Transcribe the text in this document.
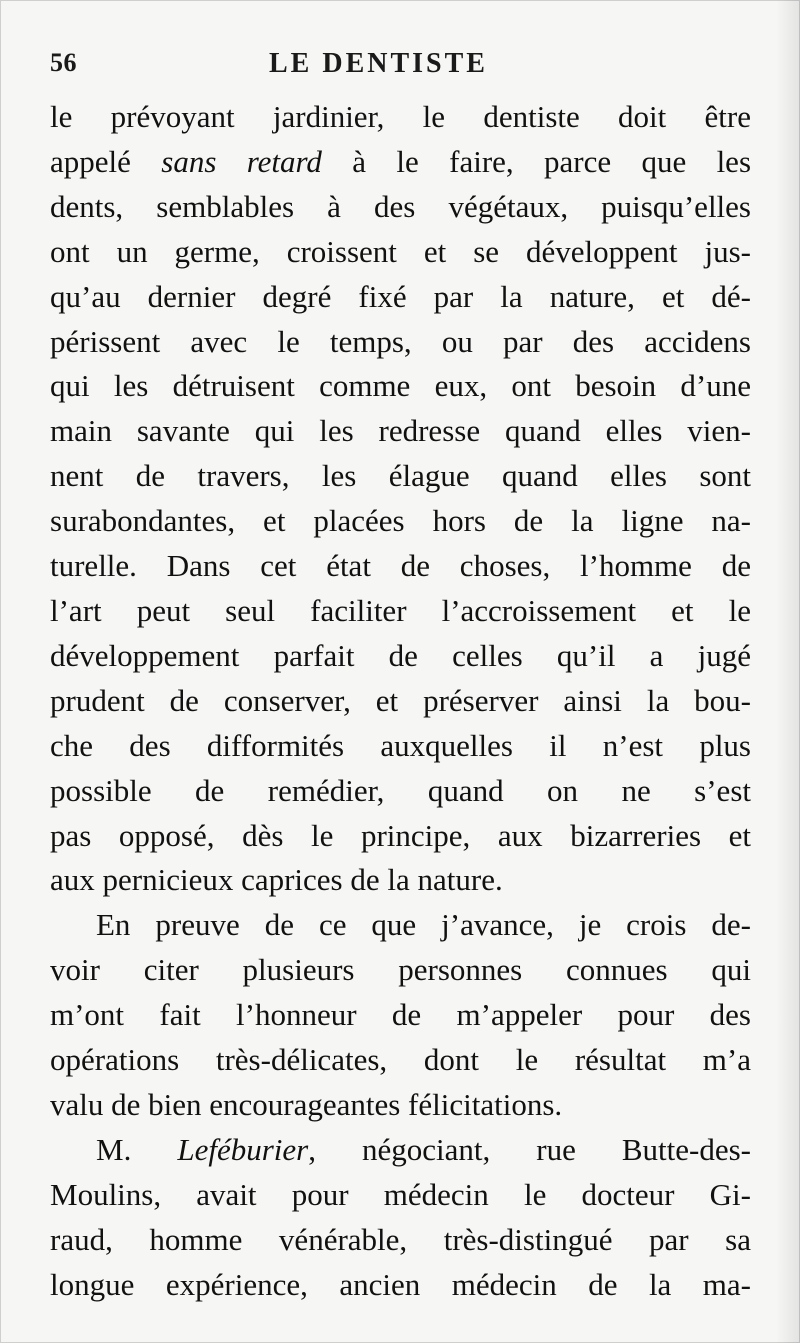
56	LE DENTISTE
le prévoyant jardinier, le dentiste doit être
appelé sans retard à le faire, parce que les
dents, semblables à des végétaux, puisqu’elles
ont un germe, croissent et se développent jus-
qu’au dernier degré fixé par la nature, et dé-
périssent avec le temps, ou par des accidens
qui les détruisent comme eux, ont besoin d’une
main savante qui les redresse quand elles vien-
nent de travers, les élague quand elles sont
surabondantes, et placées hors de la ligne na-
turelle. Dans cet état de choses, l’homme de
l’art peut seul faciliter l’accroissement et le
développement parfait de celles qu’il a jugé
prudent de conserver, et préserver ainsi la bou-
che des difformités auxquelles il n’est plus
possible de remédier, quand on ne s’est
pas opposé, dès le principe, aux bizarreries et
aux pernicieux caprices de la nature.
En preuve de ce que j’avance, je crois de-
voir citer plusieurs personnes connues qui
m’ont fait l’honneur de m’appeler pour des
opérations très-délicates, dont le résultat m’a
valu de bien encourageantes félicitations.
M. Leféburier, négociant, rue Butte-des-
Moulins, avait pour médecin le docteur Gi-
raud, homme vénérable, très-distingué par sa
longue expérience, ancien médecin de la ma-
